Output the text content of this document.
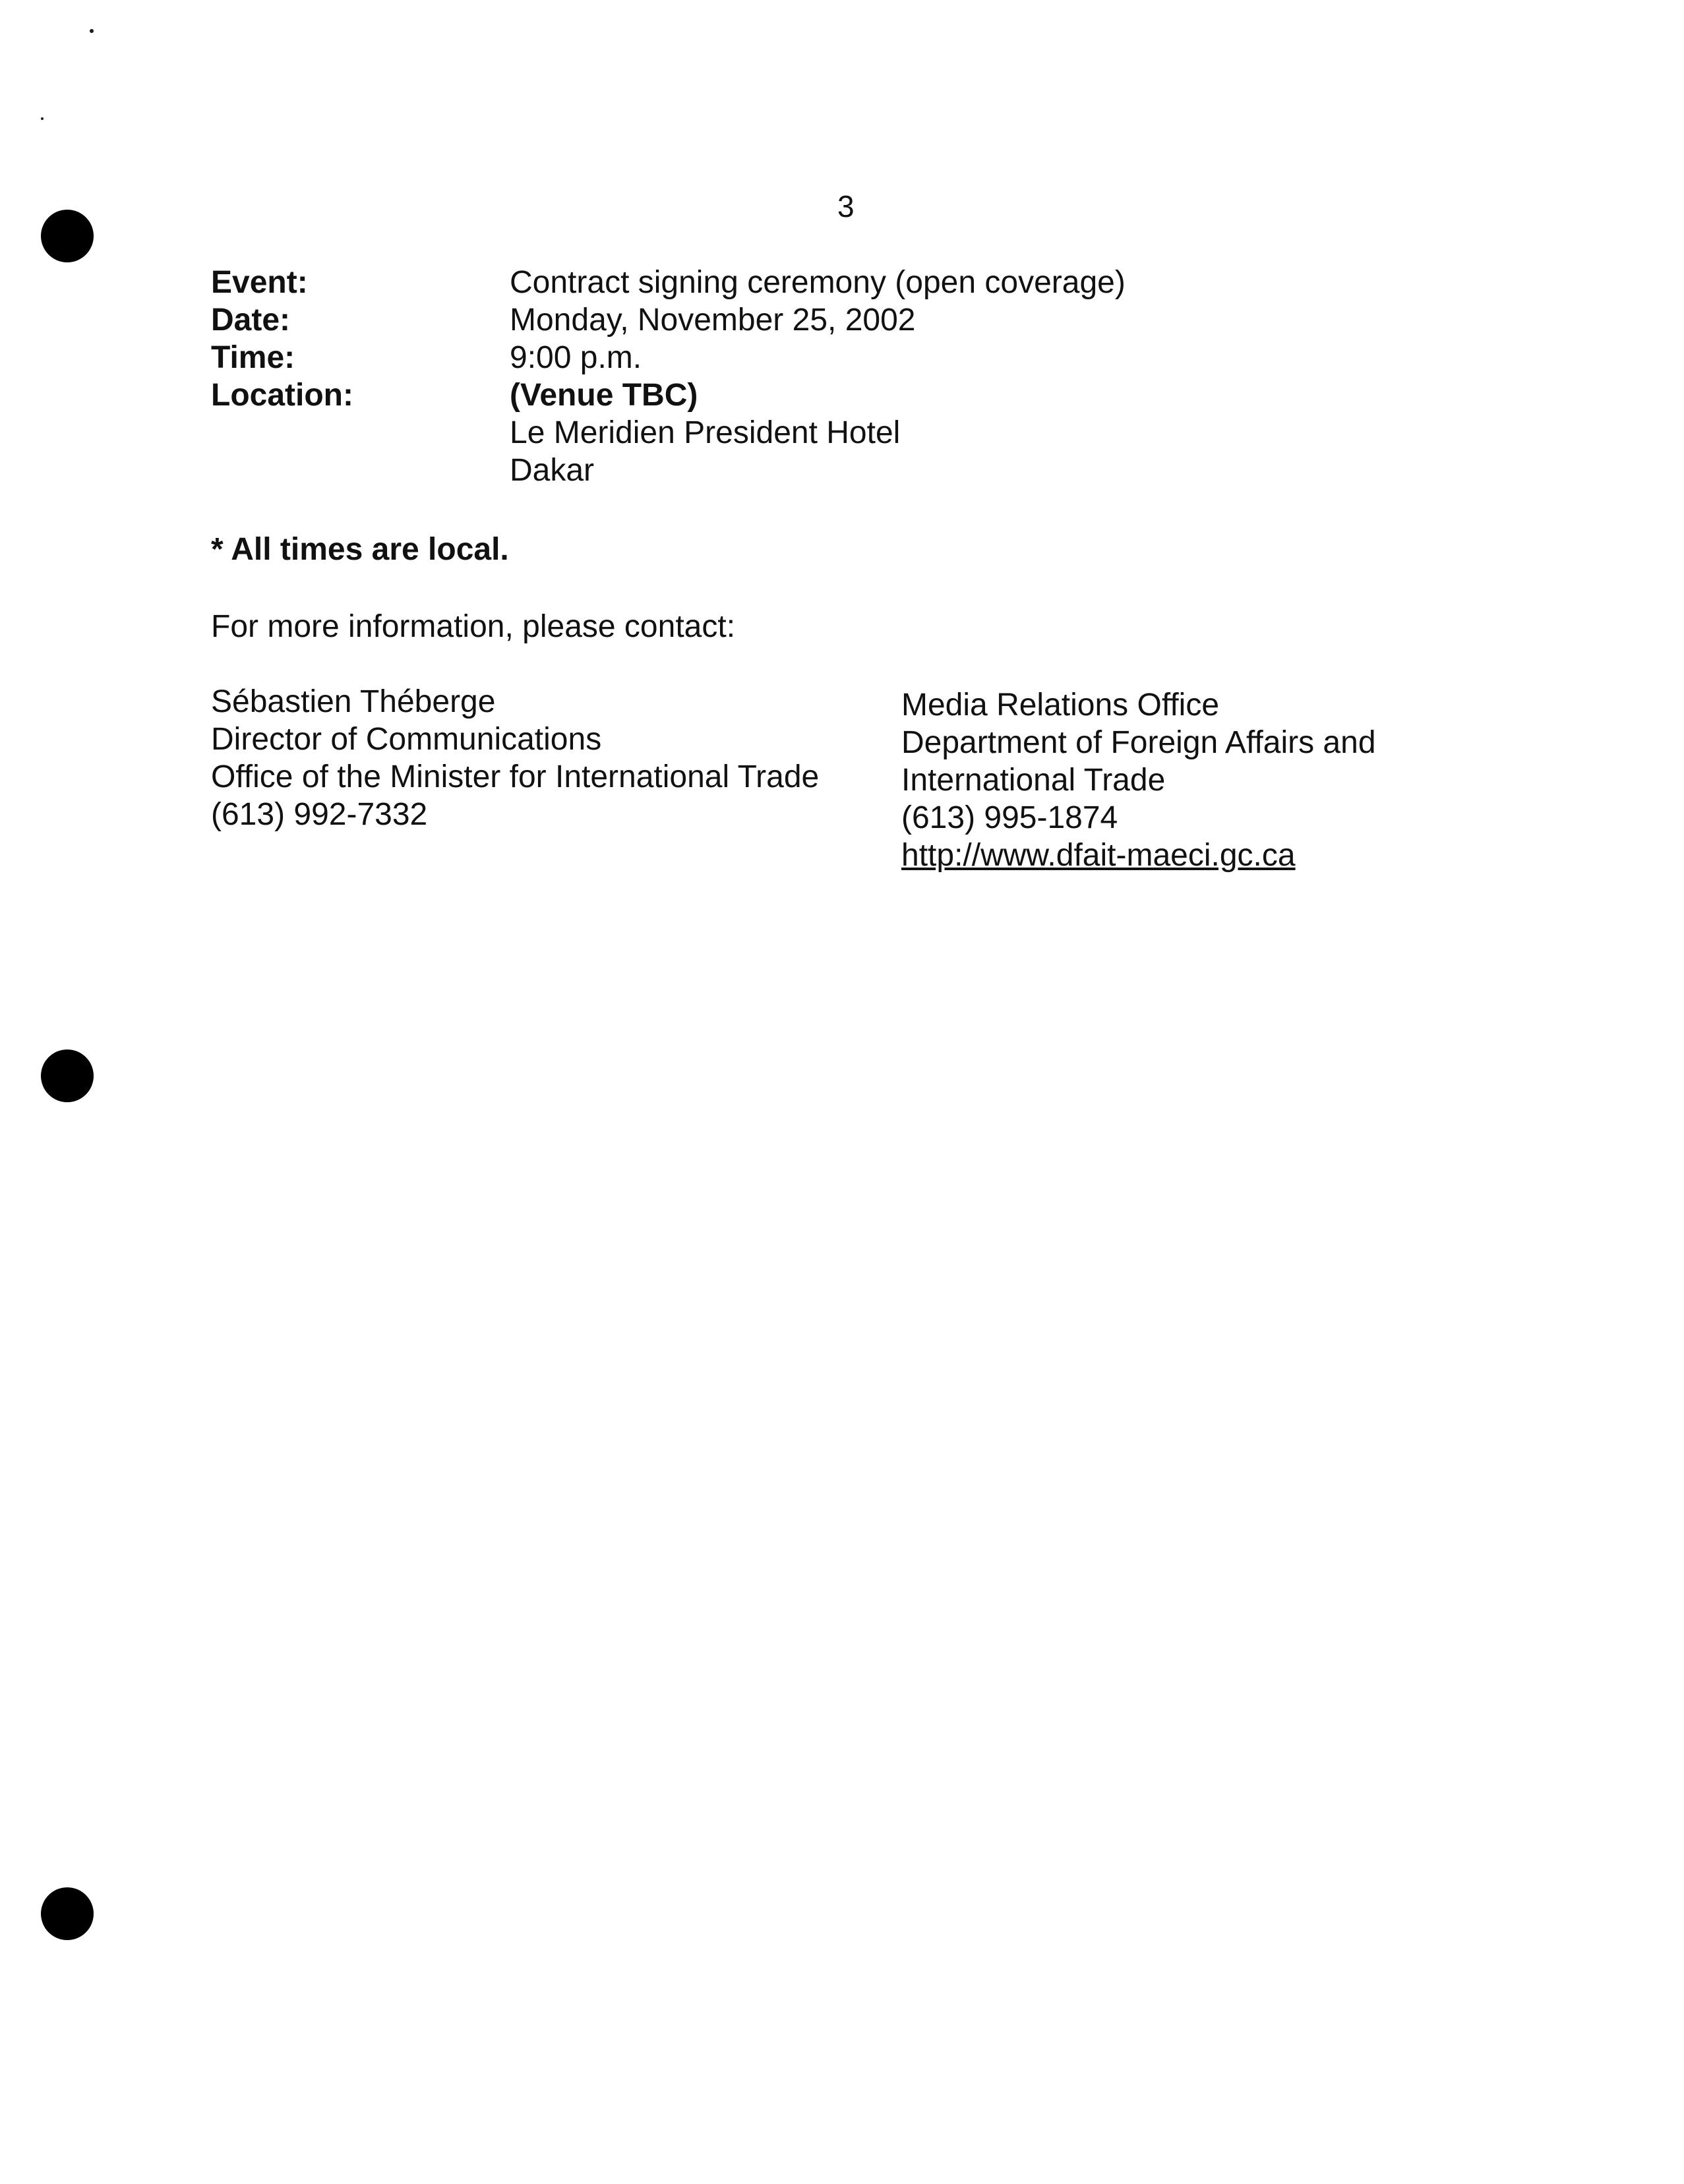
3
Event:	Contract signing ceremony (open coverage)
Date:	Monday, November 25, 2002
Time:	9:00 p.m.
Location:	(Venue TBC)
Le Meridien President Hotel
Dakar
* All times are local.
For more information, please contact:
Sébastien Théberge
Director of Communications
Office of the Minister for International Trade
(613) 992-7332
Media Relations Office
Department of Foreign Affairs and
International Trade
(613) 995-1874
http://www.dfait-maeci.gc.ca
